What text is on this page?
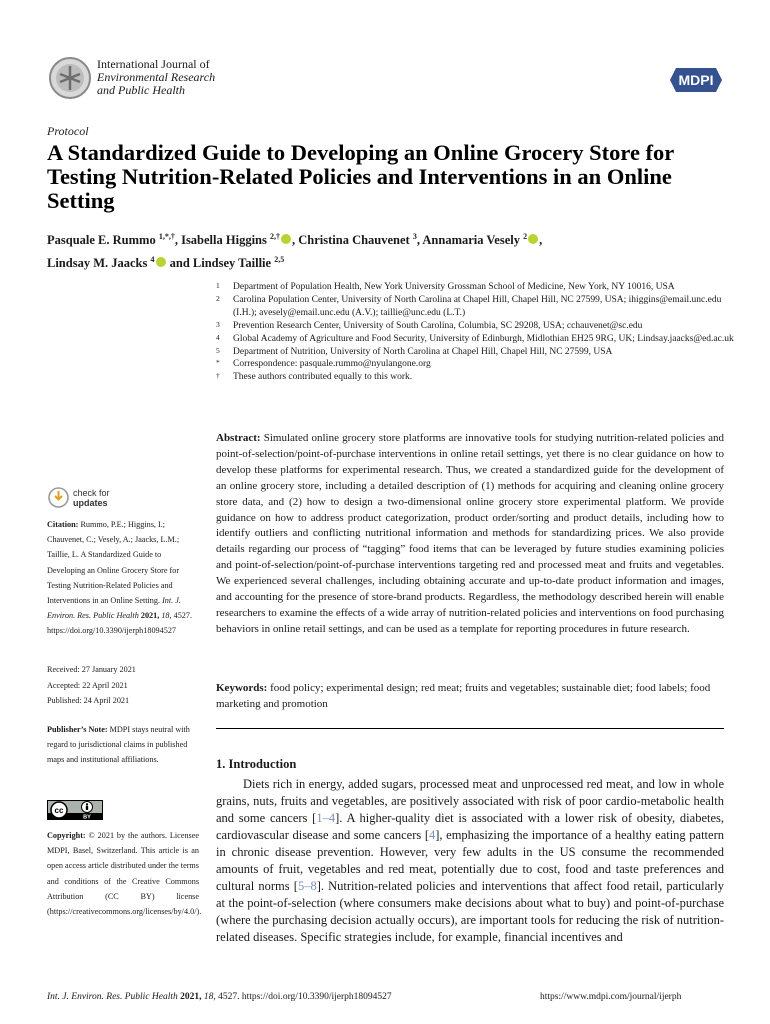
International Journal of
Environmental Research
and Public Health
MDPI
Protocol
A Standardized Guide to Developing an Online Grocery Store for Testing Nutrition-Related Policies and Interventions in an Online Setting
Pasquale E. Rummo $^{1,*,\dagger}$, Isabella Higgins $^{2,\dagger}$ , Christina Chauvenet $^3$, Annamaria Vesely $^2$ ,
Lindsay M. Jaacks $^4$ and Lindsey Taillie $^{2,5}$
1	Department of Population Health, New York University Grossman School of Medicine, New York, NY 10016, USA
2	Carolina Population Center, University of North Carolina at Chapel Hill, Chapel Hill, NC 27599, USA; ihiggins@email.unc.edu (I.H.); avesely@email.unc.edu (A.V.); taillie@unc.edu (L.T.)
3	Prevention Research Center, University of South Carolina, Columbia, SC 29208, USA; cchauvenet@sc.edu
4	Global Academy of Agriculture and Food Security, University of Edinburgh, Midlothian EH25 9RG, UK; Lindsay.jaacks@ed.ac.uk
5	Department of Nutrition, University of North Carolina at Chapel Hill, Chapel Hill, NC 27599, USA
*	Correspondence: pasquale.rummo@nyulangone.org
†	These authors contributed equally to this work.
Abstract: Simulated online grocery store platforms are innovative tools for studying nutrition-related policies and point-of-selection/point-of-purchase interventions in online retail settings, yet there is no clear guidance on how to develop these platforms for experimental research. Thus, we created a standardized guide for the development of an online grocery store, including a detailed description of (1) methods for acquiring and cleaning online grocery store data, and (2) how to design a two-dimensional online grocery store experimental platform. We provide guidance on how to address product categorization, product order/sorting and product details, including how to identify outliers and conflicting nutritional information and methods for standardizing prices. We also provide details regarding our process of “tagging” food items that can be leveraged by future studies examining policies and point-of-selection/point-of-purchase interventions targeting red and processed meat and fruits and vegetables. We experienced several challenges, including obtaining accurate and up-to-date product information and images, and accounting for the presence of store-brand products. Regardless, the methodology described herein will enable researchers to examine the effects of a wide array of nutrition-related policies and interventions on food purchasing behaviors in online retail settings, and can be used as a template for reporting procedures in future research.
Keywords: food policy; experimental design; red meat; fruits and vegetables; sustainable diet; food labels; food marketing and promotion
check for
updates
Citation: Rummo, P.E.; Higgins, I.; Chauvenet, C.; Vesely, A.; Jaacks, L.M.; Taillie, L. A Standardized Guide to Developing an Online Grocery Store for Testing Nutrition-Related Policies and Interventions in an Online Setting. Int. J. Environ. Res. Public Health 2021, 18, 4527. https://doi.org/10.3390/ijerph18094527
Received: 27 January 2021
Accepted: 22 April 2021
Published: 24 April 2021
Publisher’s Note: MDPI stays neutral with regard to jurisdictional claims in published maps and institutional affiliations.
cc
BY
Copyright: © 2021 by the authors. Licensee MDPI, Basel, Switzerland. This article is an open access article distributed under the terms and conditions of the Creative Commons Attribution (CC BY) license (https://creativecommons.org/licenses/by/4.0/).
1. Introduction

Diets rich in energy, added sugars, processed meat and unprocessed red meat, and low in whole grains, nuts, fruits and vegetables, are positively associated with risk of poor cardio-metabolic health and some cancers [1–4]. A higher-quality diet is associated with a lower risk of obesity, diabetes, cardiovascular disease and some cancers [4], emphasizing the importance of a healthy eating pattern in chronic disease prevention. However, very few adults in the US consume the recommended amounts of fruit, vegetables and red meat, potentially due to cost, food and taste preferences and cultural norms [5–8]. Nutrition-related policies and interventions that affect food retail, particularly at the point-of-selection (where consumers make decisions about what to buy) and point-of-purchase (where the purchasing decision actually occurs), are important tools for reducing the risk of nutrition-related diseases. Specific strategies include, for example, financial incentives and

Int. J. Environ. Res. Public Health 2021, 18, 4527. https://doi.org/10.3390/ijerph18094527	https://www.mdpi.com/journal/ijerph
